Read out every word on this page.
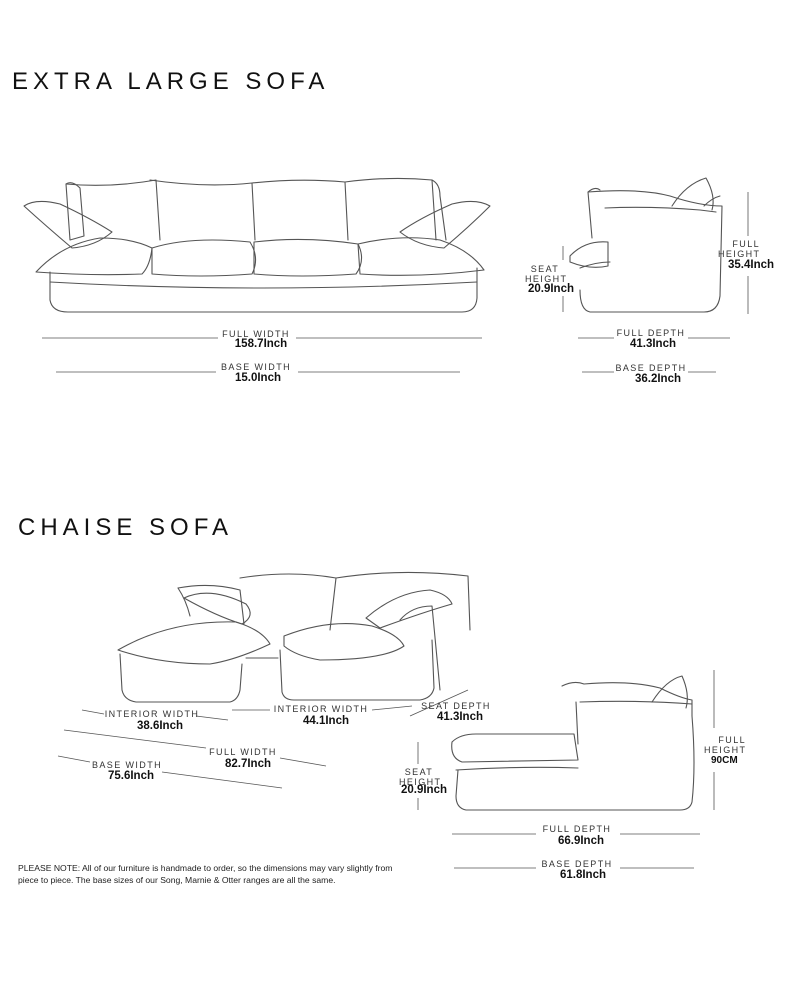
EXTRA LARGE SOFA
CHAISE SOFA
FULL WIDTH
158.7Inch
BASE WIDTH
15.0Inch
SEAT HEIGHT
20.9Inch
FULL HEIGHT
35.4Inch
FULL DEPTH
41.3Inch
BASE DEPTH
36.2Inch
INTERIOR WIDTH
38.6Inch
INTERIOR WIDTH
44.1Inch
SEAT DEPTH
41.3Inch
FULL WIDTH
82.7Inch
BASE WIDTH
75.6Inch	SEAT HEIGHT
20.9Inch
FULL HEIGHT
90CM
FULL DEPTH
66.9Inch
BASE DEPTH
61.8Inch
PLEASE NOTE: All of our furniture is handmade to order, so the dimensions may vary slightly from piece to piece. The base sizes of our Song, Marnie & Otter ranges are all the same.
